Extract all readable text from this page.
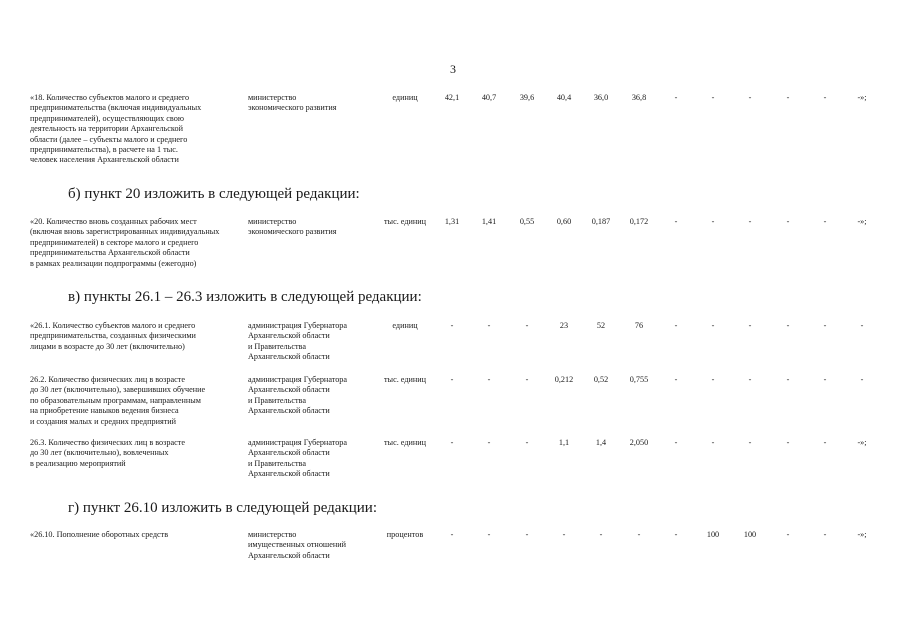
3
«18. Количество субъектов малого и среднего
предпринимательства (включая индивидуальных
предпринимателей), осуществляющих свою
деятельность на территории Архангельской
области (далее – субъекты малого и среднего
предпринимательства), в расчете на 1 тыс.
человек населения Архангельской области
министерство
экономического развития
единиц	42,1	40,7	39,6	40,4	36,0	36,8	-	-	-	-	-	-»;
б) пункт 20 изложить в следующей редакции:
«20. Количество вновь созданных рабочих мест
(включая вновь зарегистрированных индивидуальных
предпринимателей) в секторе малого и среднего
предпринимательства Архангельской области
в рамках реализации подпрограммы (ежегодно)
министерство
экономического развития
тыс. единиц	1,31	1,41	0,55	0,60	0,187	0,172	-	-	-	-	-	-»;
в) пункты 26.1 – 26.3 изложить в следующей редакции:
«26.1. Количество субъектов малого и среднего
предпринимательства, созданных физическими
лицами в возрасте до 30 лет (включительно)
администрация Губернатора
Архангельской области
и Правительства
Архангельской области
единиц	-	-	-	23	52	76	-	-	-	-	-	-
26.2. Количество физических лиц в возрасте
до 30 лет (включительно), завершивших обучение
по образовательным программам, направленным
на приобретение навыков ведения бизнеса
и создания малых и средних предприятий
администрация Губернатора
Архангельской области
и Правительства
Архангельской области
тыс. единиц	-	-	-	0,212	0,52	0,755	-	-	-	-	-	-
26.3. Количество физических лиц в возрасте
до 30 лет (включительно), вовлеченных
в реализацию мероприятий
администрация Губернатора
Архангельской области
и Правительства
Архангельской области
тыс. единиц	-	-	-	1,1	1,4	2,050	-	-	-	-	-	-»;
г) пункт 26.10 изложить в следующей редакции:
«26.10. Пополнение оборотных средств	министерство
имущественных отношений
Архангельской области
процентов	-	-	-	-	-	-	-	100	100	-	-	-»;
